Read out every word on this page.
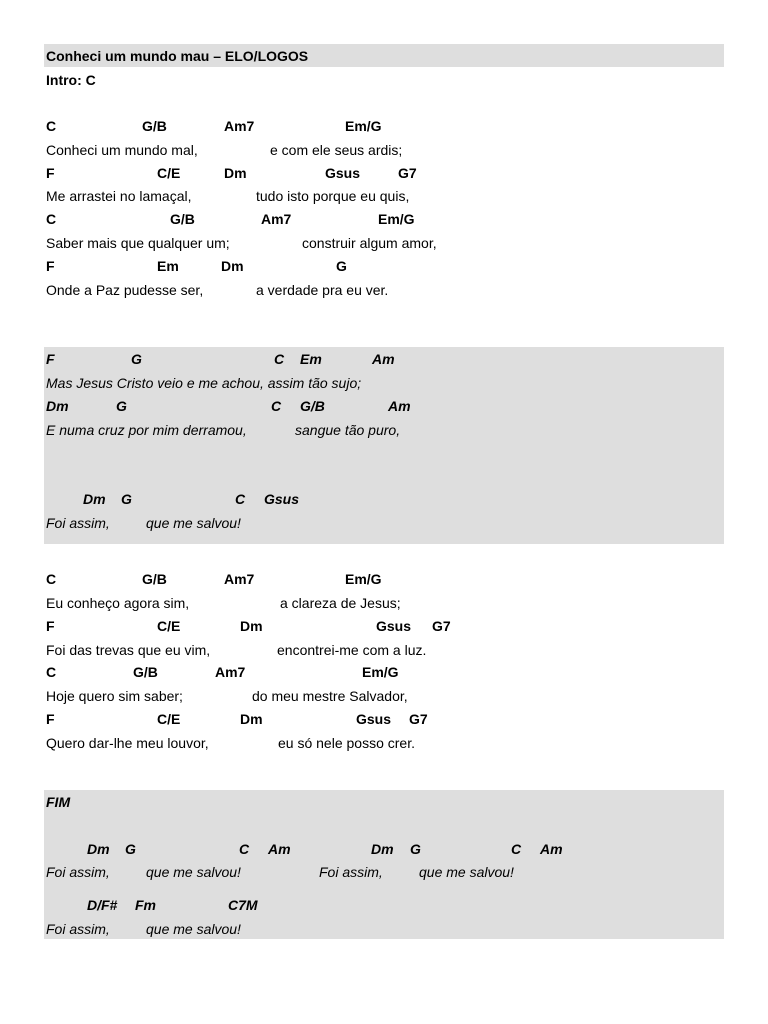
Conheci um mundo mau – ELO/LOGOS
Intro: C
C	G/B	Am7	Em/G
Conheci um mundo mal,	e com ele seus ardis;
F	C/E	Dm	Gsus	G7
Me arrastei no lamaçal,	tudo isto porque eu quis,
C	G/B	Am7	Em/G
Saber mais que qualquer um;	construir algum amor,
F	Em	Dm	G
Onde a Paz pudesse ser,	a verdade pra eu ver.
F	G	C Em	Am
Mas Jesus Cristo veio e me achou, assim tão sujo;
Dm	G	C G/B	Am
E numa cruz por mim derramou,	sangue tão puro,
Dm G	C Gsus
Foi assim,	que me salvou!
C	G/B	Am7	Em/G
Eu conheço agora sim,	a clareza de Jesus;
F	C/E	Dm	Gsus G7
Foi das trevas que eu vim,	encontrei-me com a luz.
C	G/B	Am7	Em/G
Hoje quero sim saber;	do meu mestre Salvador,
F	C/E	Dm	Gsus G7
Quero dar-lhe meu louvor,	eu só nele posso crer.
FIM
Dm G	C Am	Dm G	C Am
Foi assim,	que me salvou!	Foi assim,	que me salvou!
D/F# Fm	C7M
Foi assim,	que me salvou!
